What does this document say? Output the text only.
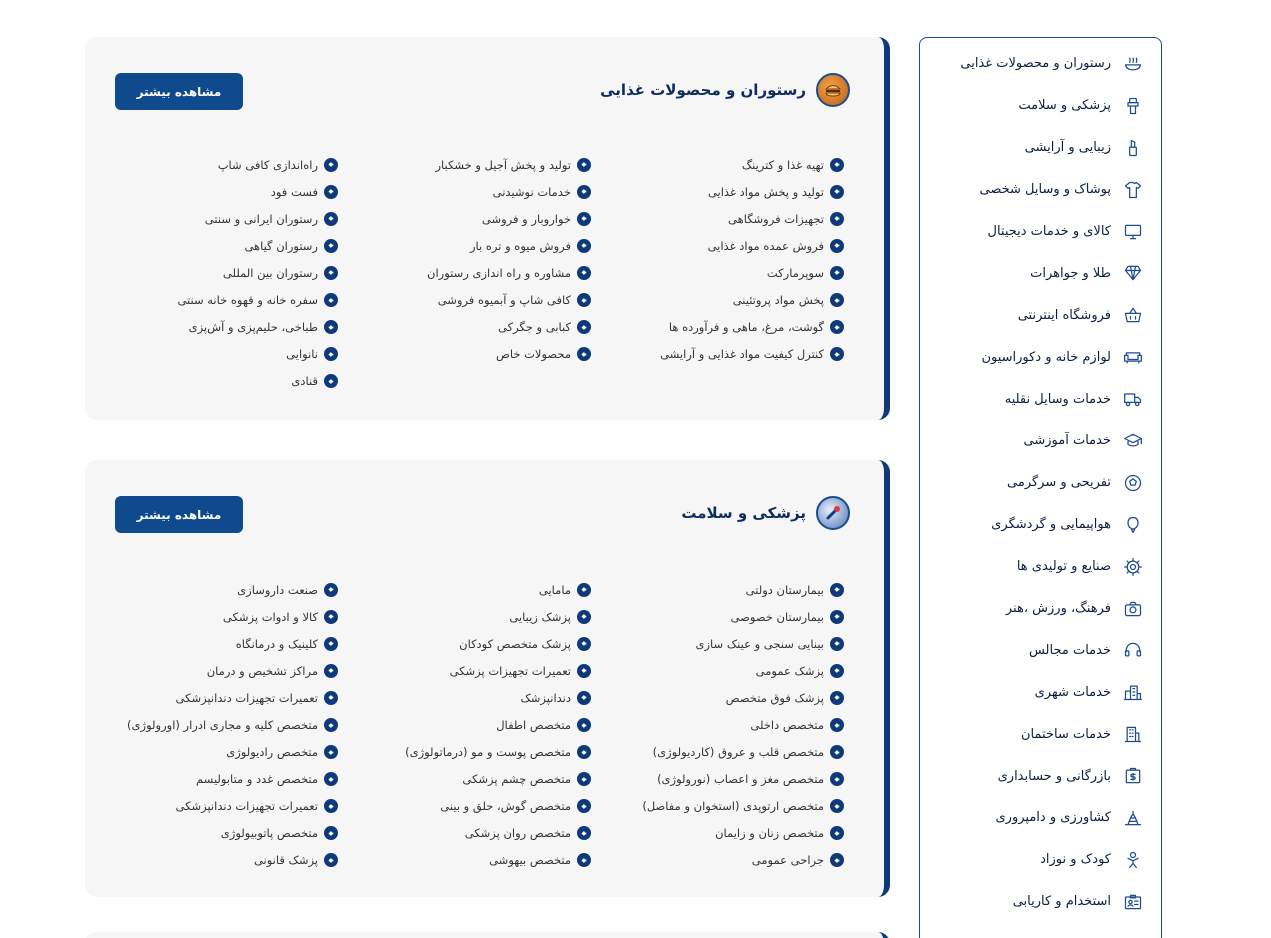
رستوران و محصولات غذایی
پزشکی و سلامت
زیبایی و آرایشی
پوشاک و وسایل شخصی
کالای و خدمات دیجیتال
طلا و جواهرات
فروشگاه اینترنتی
لوازم خانه و دکوراسیون
خدمات وسایل نقلیه
خدمات آموزشی
تفریحی و سرگرمی
هواپیمایی و گردشگری
صنایع و تولیدی ها
فرهنگ، ورزش ،هنر
خدمات مجالس
خدمات شهری
خدمات ساختمان
بازرگانی و حسابداری
کشاورزی و دامپروری
کودک و نوزاد
استخدام و کاریابی
رستوران و محصولات غذایی
مشاهده بیشتر
تهیه غذا و کترینگ
تولید و پخش مواد غذایی
تجهیزات فروشگاهی
فروش عمده مواد غذایی
سوپرمارکت
پخش مواد پروتئینی
گوشت، مرغ، ماهی و فرآورده ها
کنترل کیفیت مواد غذایی و آرایشی
تولید و پخش آجیل و خشکبار
خدمات نوشیدنی
خواروبار و فروشی
فروش میوه و تره بار
مشاوره و راه اندازی رستوران
کافی شاپ و آبمیوه فروشی
کبابی و جگرکی
محصولات خاص
راه‌اندازی کافی شاپ
فست فود
رستوران ایرانی و سنتی
رستوران گیاهی
رستوران بین المللی
سفره خانه و قهوه خانه سنتی
طباخی، حلیم‌پزی و آش‌پزی
نانوایی
قنادی
پزشکی و سلامت
مشاهده بیشتر
بیمارستان دولتی
بیمارستان خصوصی
بینایی سنجی و عینک سازی
پزشک عمومی
پزشک فوق متخصص
متخصص داخلی
متخصص قلب و عروق (کاردیولوژی)
متخصص مغز و اعصاب (نورولوژی)
متخصص ارتوپدی (استخوان و مفاصل)
متخصص زنان و زایمان
جراحی عمومی
مامایی
پزشک زیبایی
پزشک متخصص کودکان
تعمیرات تجهیزات پزشکی
دندانپزشک
متخصص اطفال
متخصص پوست و مو (درماتولوژی)
متخصص چشم پزشکی
متخصص گوش، حلق و بینی
متخصص روان پزشکی
متخصص بیهوشی
صنعت داروسازی
کالا و ادوات پزشکی
کلینیک و درمانگاه
مراکز تشخیص و درمان
تعمیرات تجهیزات دندانپزشکی
متخصص کلیه و مجاری ادرار (اورولوژی)
متخصص رادیولوژی
متخصص غدد و متابولیسم
تعمیرات تجهیزات دندانپزشکی
متخصص پاتوبیولوژی
پزشک قانونی
